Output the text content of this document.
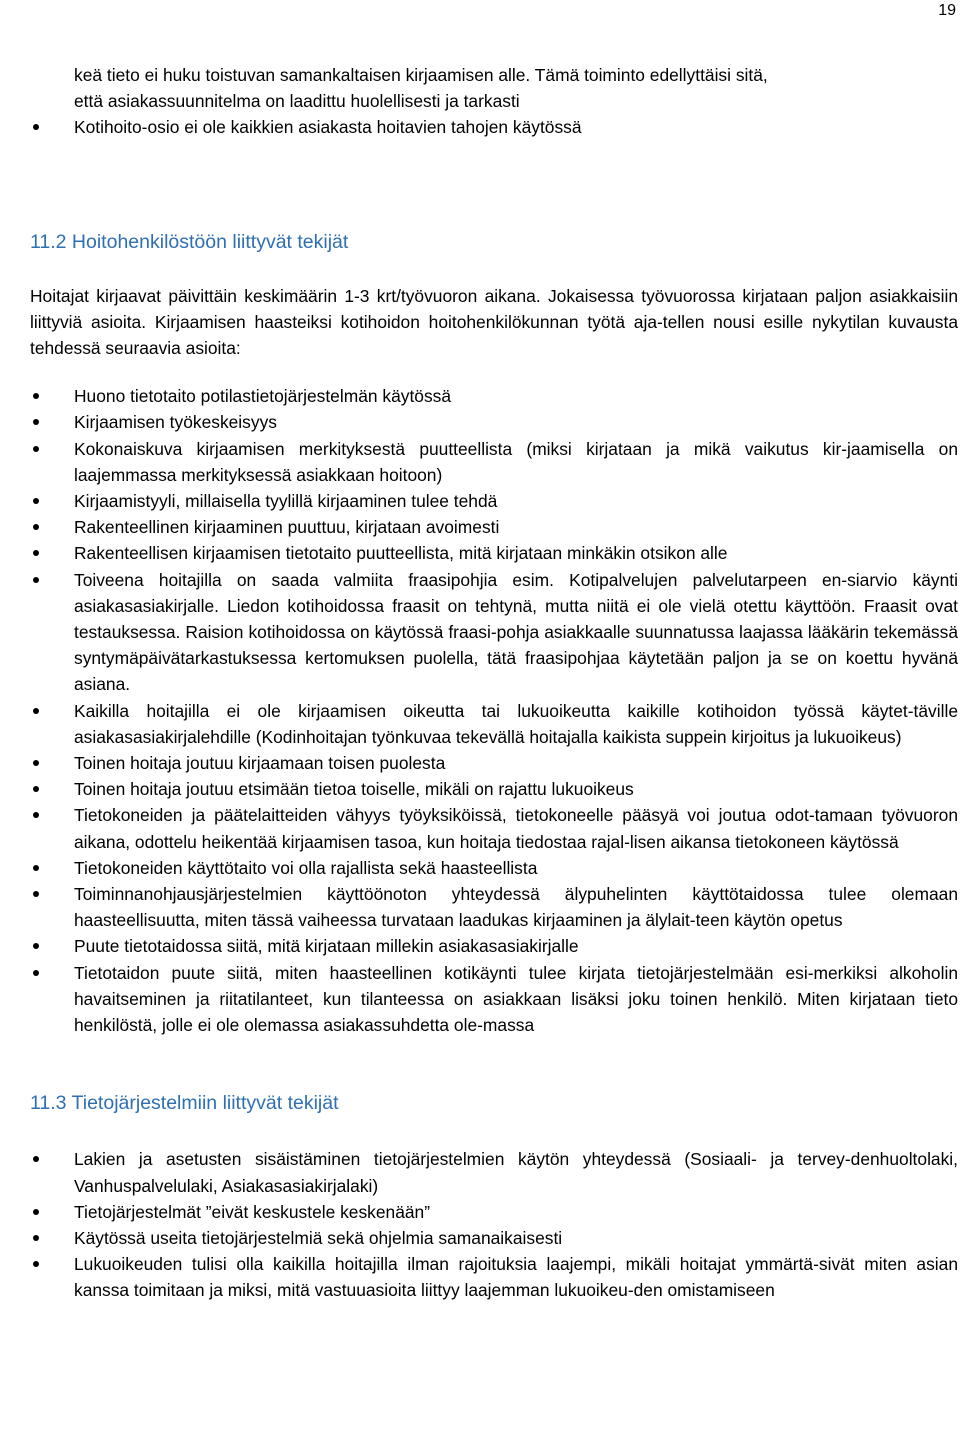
19
keä tieto ei huku toistuvan samankaltaisen kirjaamisen alle. Tämä toiminto edellyttäisi sitä,
että asiakassuunnitelma on laadittu huolellisesti ja tarkasti
Kotihoito-osio ei ole kaikkien asiakasta hoitavien tahojen käytössä
11.2 Hoitohenkilöstöön liittyvät tekijät

Hoitajat kirjaavat päivittäin keskimäärin 1-3 krt/työvuoron aikana. Jokaisessa työvuorossa kirjataan paljon asiakkaisiin liittyviä asioita. Kirjaamisen haasteiksi kotihoidon hoitohenkilökunnan työtä aja-tellen nousi esille nykytilan kuvausta tehdessä seuraavia asioita:

Huono tietotaito potilastietojärjestelmän käytössä
Kirjaamisen työkeskeisyys
Kokonaiskuva kirjaamisen merkityksestä puutteellista (miksi kirjataan ja mikä vaikutus kir-jaamisella on laajemmassa merkityksessä asiakkaan hoitoon)
Kirjaamistyyli, millaisella tyylillä kirjaaminen tulee tehdä
Rakenteellinen kirjaaminen puuttuu, kirjataan avoimesti
Rakenteellisen kirjaamisen tietotaito puutteellista, mitä kirjataan minkäkin otsikon alle
Toiveena hoitajilla on saada valmiita fraasipohjia esim. Kotipalvelujen palvelutarpeen en-siarvio käynti asiakasasiakirjalle. Liedon kotihoidossa fraasit on tehtynä, mutta niitä ei ole vielä otettu käyttöön. Fraasit ovat testauksessa. Raision kotihoidossa on käytössä fraasi-pohja asiakkaalle suunnatussa laajassa lääkärin tekemässä syntymäpäivätarkastuksessa kertomuksen puolella, tätä fraasipohjaa käytetään paljon ja se on koettu hyvänä asiana.
Kaikilla hoitajilla ei ole kirjaamisen oikeutta tai lukuoikeutta kaikille kotihoidon työssä käytet-täville asiakasasiakirjalehdille (Kodinhoitajan työnkuvaa tekevällä hoitajalla kaikista suppein kirjoitus ja lukuoikeus)
Toinen hoitaja joutuu kirjaamaan toisen puolesta
Toinen hoitaja joutuu etsimään tietoa toiselle, mikäli on rajattu lukuoikeus
Tietokoneiden ja päätelaitteiden vähyys työyksiköissä, tietokoneelle pääsyä voi joutua odot-tamaan työvuoron aikana, odottelu heikentää kirjaamisen tasoa, kun hoitaja tiedostaa rajal-lisen aikansa tietokoneen käytössä
Tietokoneiden käyttötaito voi olla rajallista sekä haasteellista
Toiminnanohjausjärjestelmien käyttöönoton yhteydessä älypuhelinten käyttötaidossa tulee olemaan haasteellisuutta, miten tässä vaiheessa turvataan laadukas kirjaaminen ja älylait-teen käytön opetus
Puute tietotaidossa siitä, mitä kirjataan millekin asiakasasiakirjalle
Tietotaidon puute siitä, miten haasteellinen kotikäynti tulee kirjata tietojärjestelmään esi-merkiksi alkoholin havaitseminen ja riitatilanteet, kun tilanteessa on asiakkaan lisäksi joku toinen henkilö. Miten kirjataan tieto henkilöstä, jolle ei ole olemassa asiakassuhdetta ole-massa
11.3 Tietojärjestelmiin liittyvät tekijät
Lakien ja asetusten sisäistäminen tietojärjestelmien käytön yhteydessä (Sosiaali- ja tervey-denhuoltolaki, Vanhuspalvelulaki, Asiakasasiakirjalaki)
Tietojärjestelmät ”eivät keskustele keskenään”
Käytössä useita tietojärjestelmiä sekä ohjelmia samanaikaisesti
Lukuoikeuden tulisi olla kaikilla hoitajilla ilman rajoituksia laajempi, mikäli hoitajat ymmärtä-sivät miten asian kanssa toimitaan ja miksi, mitä vastuuasioita liittyy laajemman lukuoikeu-den omistamiseen
